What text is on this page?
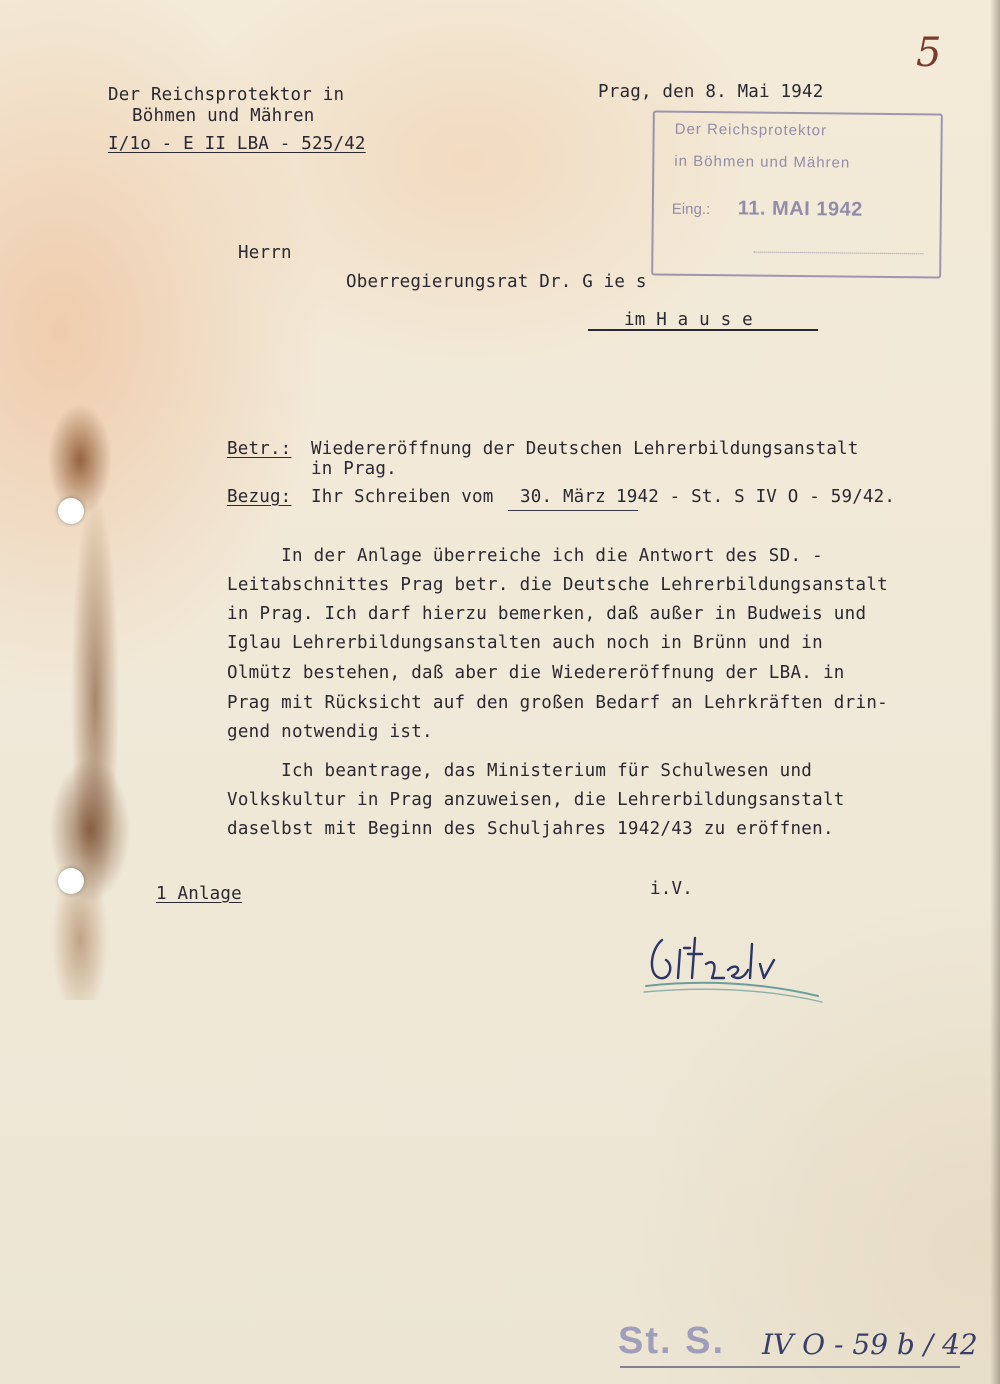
Der Reichsprotektor in
Böhmen und Mähren
I/1o - E II LBA - 525/42
Prag, den 8. Mai 1942
5
Der Reichsprotektor
in Böhmen und Mähren
Eing.: 11. MAI 1942
Herrn
Oberregierungsrat Dr. G ie s
im H a u s e
Betr.: Wiedereröffnung der Deutschen Lehrerbildungsanstalt
in Prag.
Bezug: Ihr Schreiben vom 30. März 1942 - St. S IV O - 59/42.
In der Anlage überreiche ich die Antwort des SD. -
Leitabschnittes Prag betr. die Deutsche Lehrerbildungsanstalt
in Prag. Ich darf hierzu bemerken, daß außer in Budweis und
Iglau Lehrerbildungsanstalten auch noch in Brünn und in
Olmütz bestehen, daß aber die Wiedereröffnung der LBA. in
Prag mit Rücksicht auf den großen Bedarf an Lehrkräften drin-
gend notwendig ist.
Ich beantrage, das Ministerium für Schulwesen und
Volkskultur in Prag anzuweisen, die Lehrerbildungsanstalt
daselbst mit Beginn des Schuljahres 1942/43 zu eröffnen.
1 Anlage	i.V.
St. S. IV O - 59 b / 42
